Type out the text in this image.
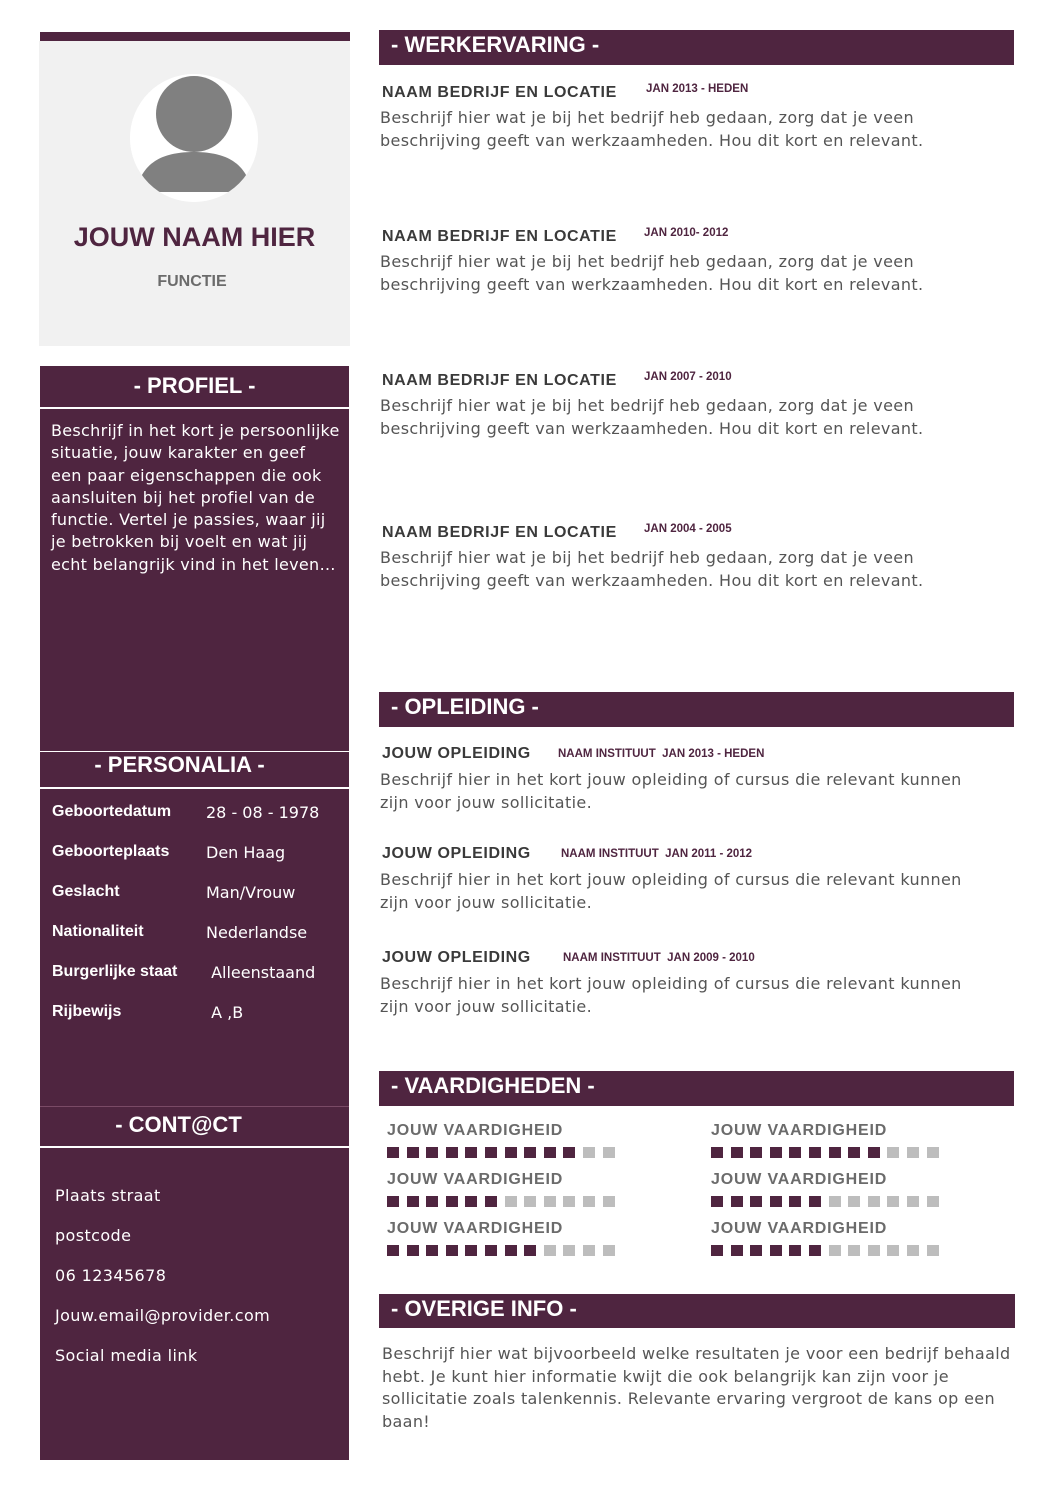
JOUW NAAM HIER
FUNCTIE
- PROFIEL -
Beschrijf in het kort je persoonlijke situatie, jouw karakter en geef een paar eigenschappen die ook aansluiten bij het profiel van de functie. Vertel je passies, waar jij je betrokken bij voelt en wat jij echt belangrijk vind in het leven…
- PERSONALIA -
Geboortedatum 28 - 08 - 1978
Geboorteplaats Den Haag
Geslacht	Man/Vrouw
Nationaliteit	Nederlandse
Burgerlijke staat Alleenstaand
Rijbewijs	A ,B
- CONT@CT
Plaats straat
postcode
06 12345678
Jouw.email@provider.com
Social media link
- WERKERVARING -
NAAM BEDRIJF EN LOCATIE	JAN 2013 - HEDEN
Beschrijf hier wat je bij het bedrijf heb gedaan, zorg dat je veen beschrijving geeft van werkzaamheden. Hou dit kort en relevant.
NAAM BEDRIJF EN LOCATIE JAN 2010- 2012
Beschrijf hier wat je bij het bedrijf heb gedaan, zorg dat je veen beschrijving geeft van werkzaamheden. Hou dit kort en relevant.
NAAM BEDRIJF EN LOCATIE JAN 2007 - 2010
Beschrijf hier wat je bij het bedrijf heb gedaan, zorg dat je veen beschrijving geeft van werkzaamheden. Hou dit kort en relevant.
NAAM BEDRIJF EN LOCATIE JAN 2004 - 2005
Beschrijf hier wat je bij het bedrijf heb gedaan, zorg dat je veen beschrijving geeft van werkzaamheden. Hou dit kort en relevant.
- OPLEIDING -
JOUW OPLEIDING NAAM INSTITUUT  JAN 2013 - HEDEN
Beschrijf hier in het kort jouw opleiding of cursus die relevant kunnen zijn voor jouw sollicitatie.
JOUW OPLEIDING	NAAM INSTITUUT  JAN 2011 - 2012
Beschrijf hier in het kort jouw opleiding of cursus die relevant kunnen zijn voor jouw sollicitatie.
JOUW OPLEIDING	NAAM INSTITUUT  JAN 2009 - 2010
Beschrijf hier in het kort jouw opleiding of cursus die relevant kunnen zijn voor jouw sollicitatie.
- VAARDIGHEDEN -
JOUW VAARDIGHEID	JOUW VAARDIGHEID
JOUW VAARDIGHEID	JOUW VAARDIGHEID
JOUW VAARDIGHEID	JOUW VAARDIGHEID
- OVERIGE INFO -
Beschrijf hier wat bijvoorbeeld welke resultaten je voor een bedrijf behaald hebt. Je kunt hier informatie kwijt die ook belangrijk kan zijn voor je sollicitatie zoals talenkennis. Relevante ervaring vergroot de kans op een baan!
